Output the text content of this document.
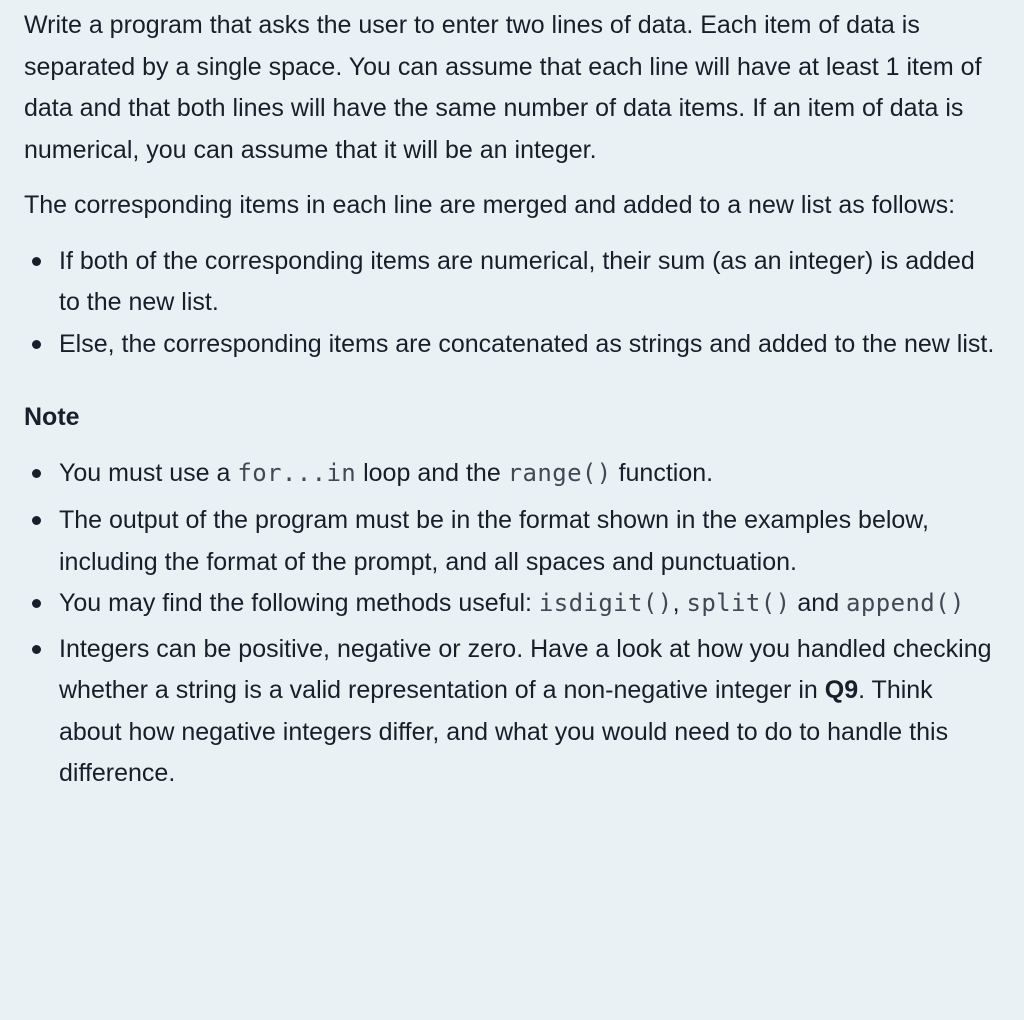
Write a program that asks the user to enter two lines of data. Each item of data is separated by a single space. You can assume that each line will have at least 1 item of data and that both lines will have the same number of data items. If an item of data is numerical, you can assume that it will be an integer.

The corresponding items in each line are merged and added to a new list as follows:

If both of the corresponding items are numerical, their sum (as an integer) is added to the new list.
Else, the corresponding items are concatenated as strings and added to the new list.

Note

You must use a for...in loop and the range() function.
The output of the program must be in the format shown in the examples below, including the format of the prompt, and all spaces and punctuation.
You may find the following methods useful: isdigit(), split() and append()
Integers can be positive, negative or zero. Have a look at how you handled checking whether a string is a valid representation of a non-negative integer in Q9. Think about how negative integers differ, and what you would need to do to handle this difference.
